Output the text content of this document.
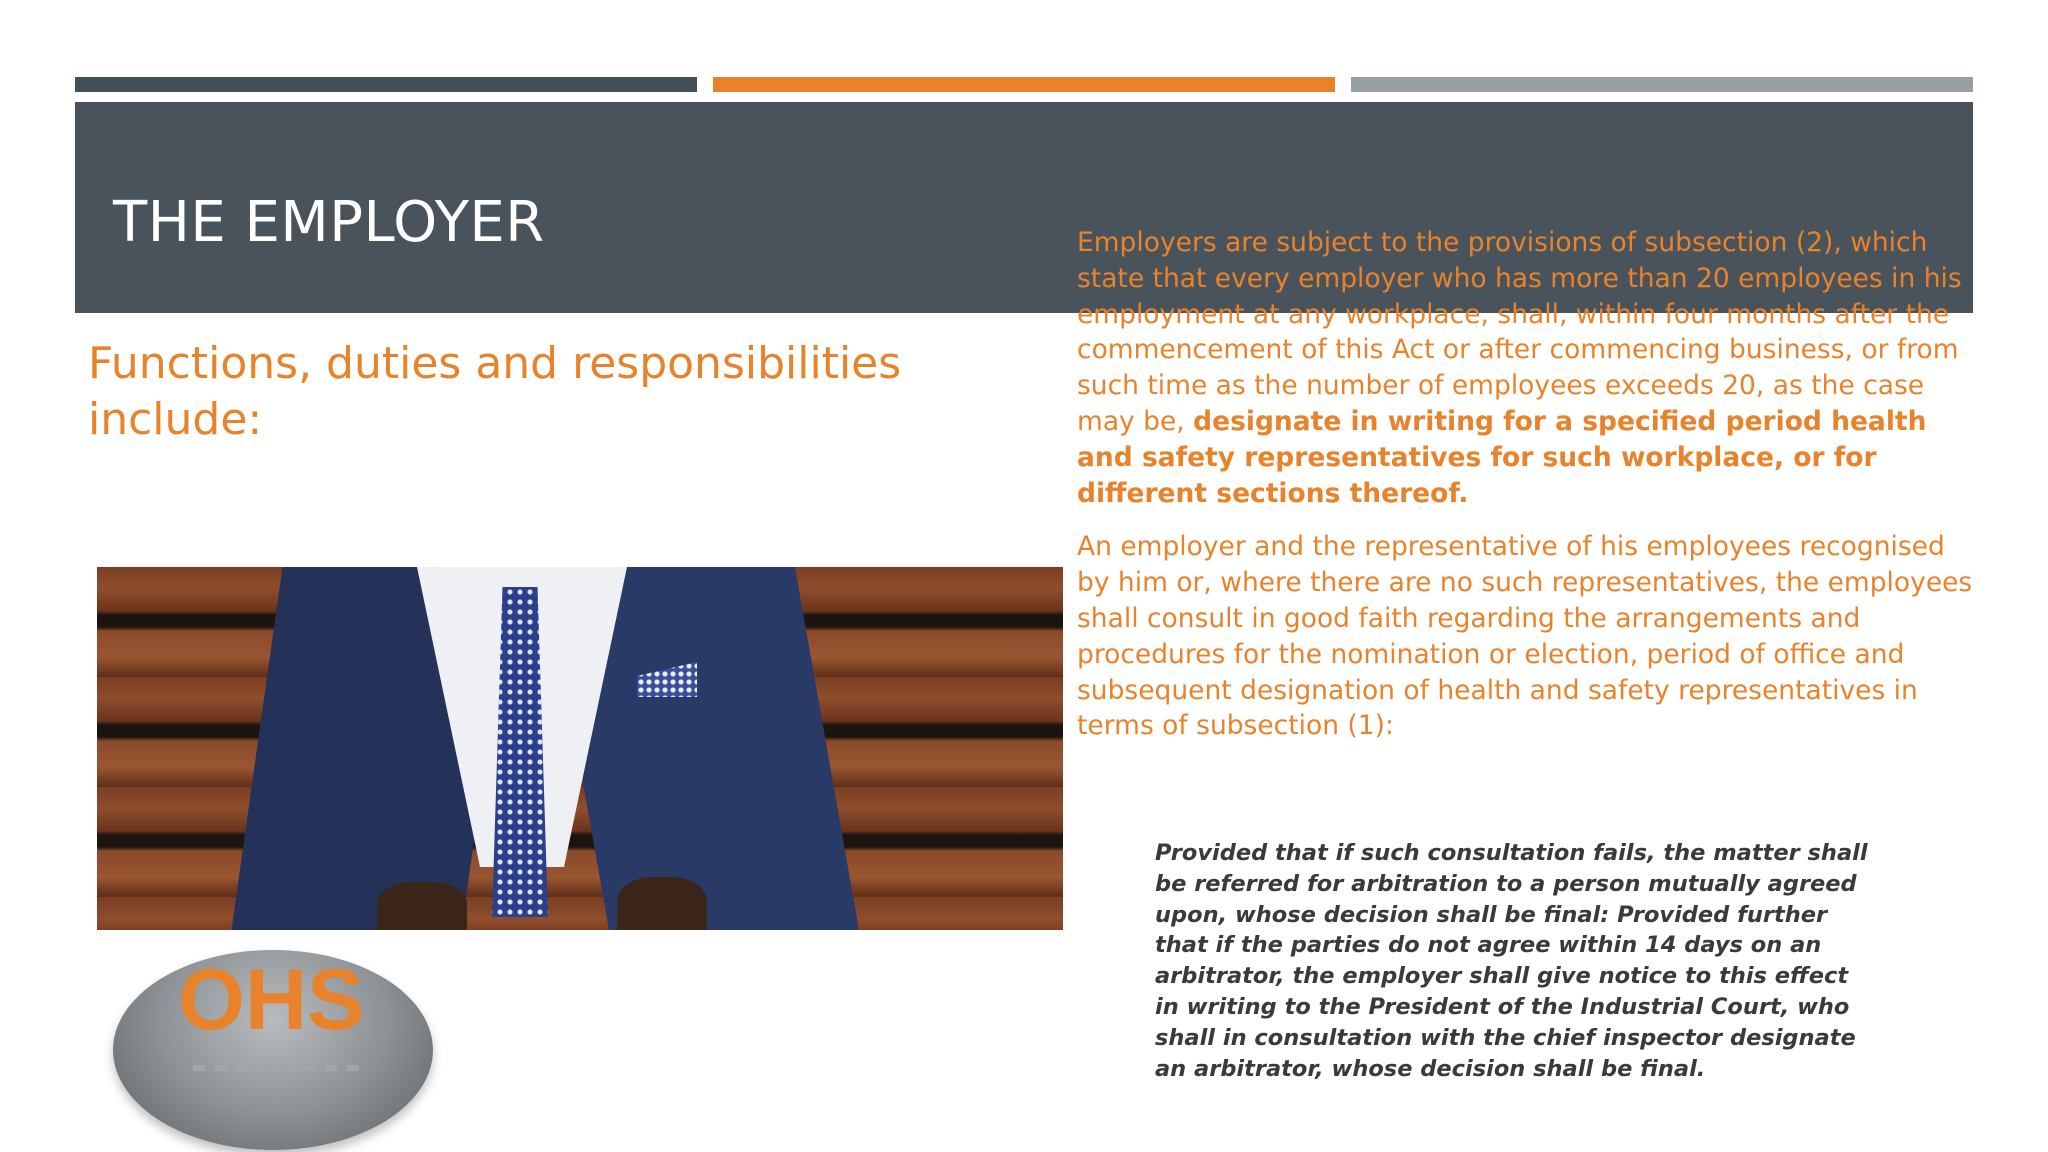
THE EMPLOYER
Functions, duties and responsibilities include:

OHS

Employers are subject to the provisions of subsection (2), which state that every employer who has more than 20 employees in his employment at any workplace, shall, within four months after the commencement of this Act or after commencing business, or from such time as the number of employees exceeds 20, as the case may be, designate in writing for a specified period health and safety representatives for such workplace, or for different sections thereof.

An employer and the representative of his employees recognised by him or, where there are no such representatives, the employees shall consult in good faith regarding the arrangements and procedures for the nomination or election, period of office and subsequent designation of health and safety representatives in terms of subsection (1):

Provided that if such consultation fails, the matter shall be referred for arbitration to a person mutually agreed upon, whose decision shall be final: Provided further that if the parties do not agree within 14 days on an arbitrator, the employer shall give notice to this effect in writing to the President of the Industrial Court, who shall in consultation with the chief inspector designate an arbitrator, whose decision shall be final.
